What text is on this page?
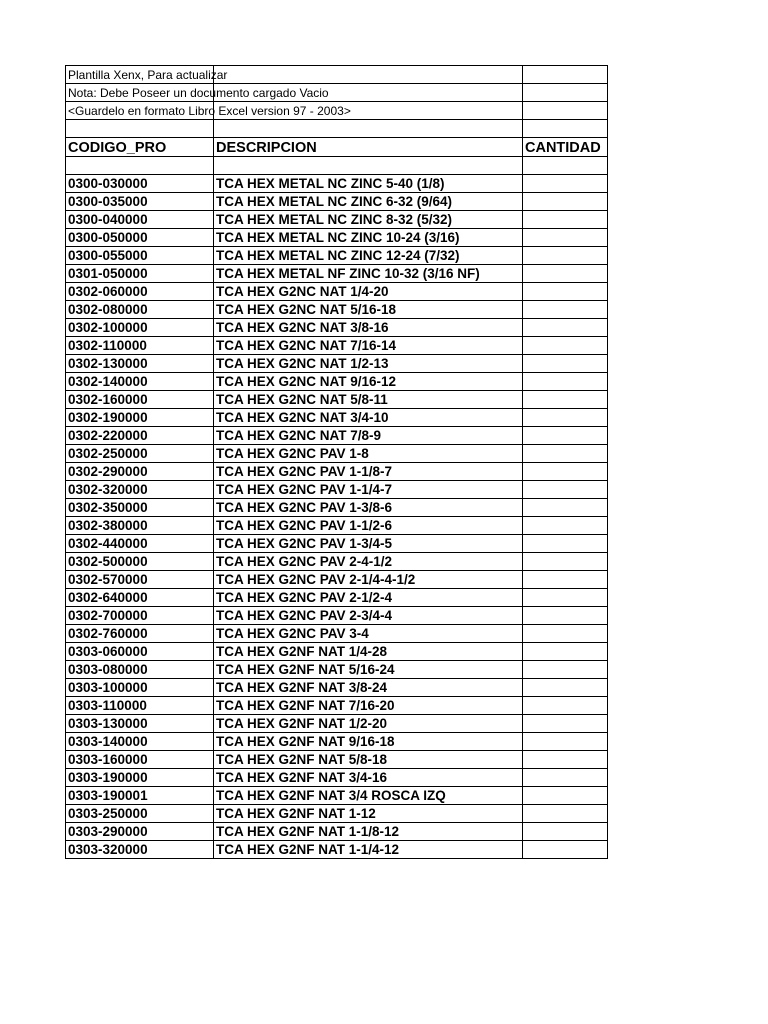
Plantilla Xenx, Para actualizar		

Nota: Debe Poseer un documento cargado Vacio		

<Guardelo en formato Libro Excel version 97 - 2003>		

CODIGO_PRO	DESCRIPCION	CANTIDAD

0300-030000	TCA HEX METAL NC ZINC 5-40 (1/8)	
0300-035000	TCA HEX METAL NC ZINC 6-32 (9/64)	
0300-040000	TCA HEX METAL NC ZINC 8-32 (5/32)	
0300-050000	TCA HEX METAL NC ZINC 10-24 (3/16)	
0300-055000	TCA HEX METAL NC ZINC 12-24 (7/32)	
0301-050000	TCA HEX METAL NF ZINC 10-32 (3/16 NF)	
0302-060000	TCA HEX G2NC NAT 1/4-20	
0302-080000	TCA HEX G2NC NAT 5/16-18	
0302-100000	TCA HEX G2NC NAT 3/8-16	
0302-110000	TCA HEX G2NC NAT 7/16-14	
0302-130000	TCA HEX G2NC NAT 1/2-13	
0302-140000	TCA HEX G2NC NAT 9/16-12	
0302-160000	TCA HEX G2NC NAT 5/8-11	
0302-190000	TCA HEX G2NC NAT 3/4-10	
0302-220000	TCA HEX G2NC NAT 7/8-9	
0302-250000	TCA HEX G2NC PAV 1-8	
0302-290000	TCA HEX G2NC PAV 1-1/8-7	
0302-320000	TCA HEX G2NC PAV 1-1/4-7	
0302-350000	TCA HEX G2NC PAV 1-3/8-6	
0302-380000	TCA HEX G2NC PAV 1-1/2-6	
0302-440000	TCA HEX G2NC PAV 1-3/4-5	
0302-500000	TCA HEX G2NC PAV 2-4-1/2	
0302-570000	TCA HEX G2NC PAV 2-1/4-4-1/2	
0302-640000	TCA HEX G2NC PAV 2-1/2-4	
0302-700000	TCA HEX G2NC PAV 2-3/4-4	
0302-760000	TCA HEX G2NC PAV 3-4	
0303-060000	TCA HEX G2NF NAT 1/4-28	
0303-080000	TCA HEX G2NF NAT 5/16-24	
0303-100000	TCA HEX G2NF NAT 3/8-24	
0303-110000	TCA HEX G2NF NAT 7/16-20	
0303-130000	TCA HEX G2NF NAT 1/2-20	
0303-140000	TCA HEX G2NF NAT 9/16-18	
0303-160000	TCA HEX G2NF NAT 5/8-18	
0303-190000	TCA HEX G2NF NAT 3/4-16	
0303-190001	TCA HEX G2NF NAT 3/4 ROSCA IZQ	
0303-250000	TCA HEX G2NF NAT 1-12	
0303-290000	TCA HEX G2NF NAT 1-1/8-12	
0303-320000	TCA HEX G2NF NAT 1-1/4-12	
